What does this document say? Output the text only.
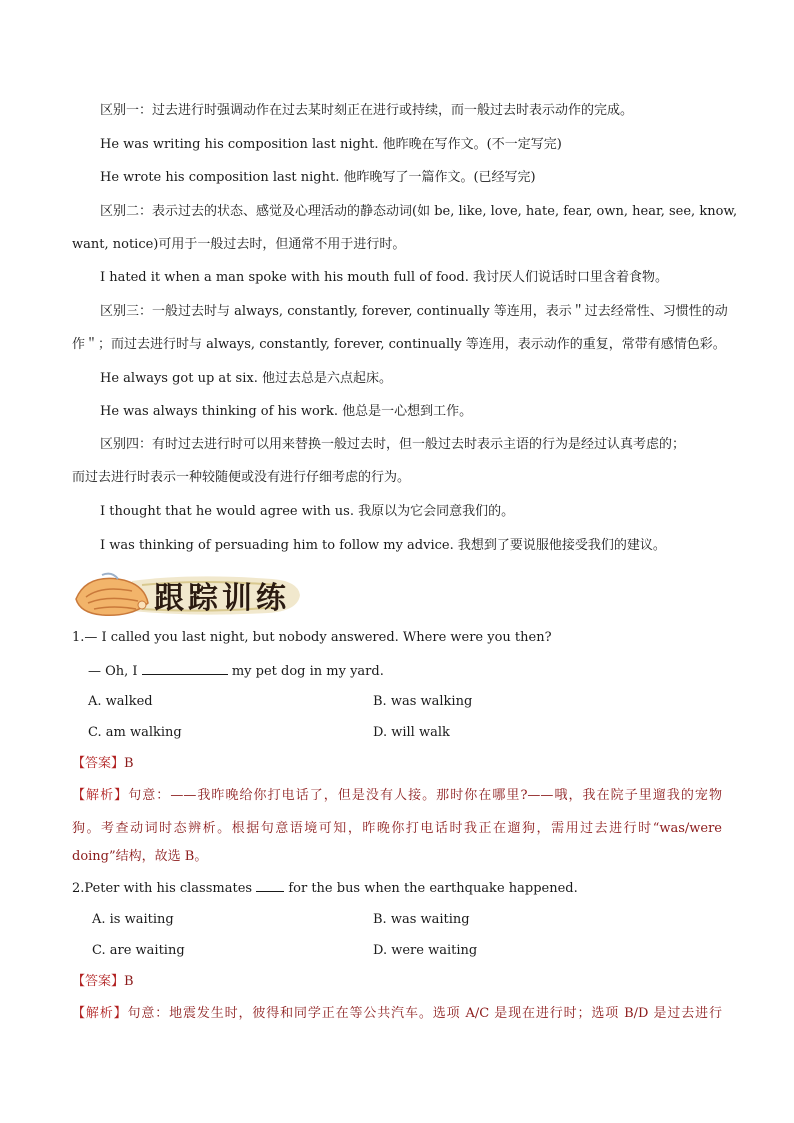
区别一：过去进行时强调动作在过去某时刻正在进行或持续，而一般过去时表示动作的完成。
He was writing his composition last night. 他昨晚在写作文。(不一定写完)
He wrote his composition last night. 他昨晚写了一篇作文。(已经写完)
区别二：表示过去的状态、感觉及心理活动的静态动词(如 be, like, love, hate, fear, own, hear, see, know,
want, notice)可用于一般过去时，但通常不用于进行时。
I hated it when a man spoke with his mouth full of food. 我讨厌人们说话时口里含着食物。
区别三：一般过去时与 always, constantly, forever, continually 等连用，表示＂过去经常性、习惯性的动
作＂；而过去进行时与 always, constantly, forever, continually 等连用，表示动作的重复，常带有感情色彩。
He always got up at six. 他过去总是六点起床。
He was always thinking of his work. 他总是一心想到工作。
区别四：有时过去进行时可以用来替换一般过去时，但一般过去时表示主语的行为是经过认真考虑的；
而过去进行时表示一种较随便或没有进行仔细考虑的行为。
I thought that he would agree with us. 我原以为它会同意我们的。
I was thinking of persuading him to follow my advice. 我想到了要说服他接受我们的建议。
跟踪训练
1.— I called you last night, but nobody answered. Where were you then?
— Oh, I	my pet dog in my yard.
A. walked	B. was walking
C. am walking	D. will walk
【答案】B
【解析】句意：——我昨晚给你打电话了，但是没有人接。那时你在哪里?——哦，我在院子里遛我的宠物
狗。考查动词时态辨析。根据句意语境可知，昨晚你打电话时我正在遛狗，需用过去进行时“was/were
doing”结构，故选 B。
2.Peter with his classmates  for the bus when the earthquake happened.
A. is waiting	B. was waiting
C. are waiting	D. were waiting
【答案】B
【解析】句意：地震发生时，彼得和同学正在等公共汽车。选项 A/C 是现在进行时；选项 B/D 是过去进行
